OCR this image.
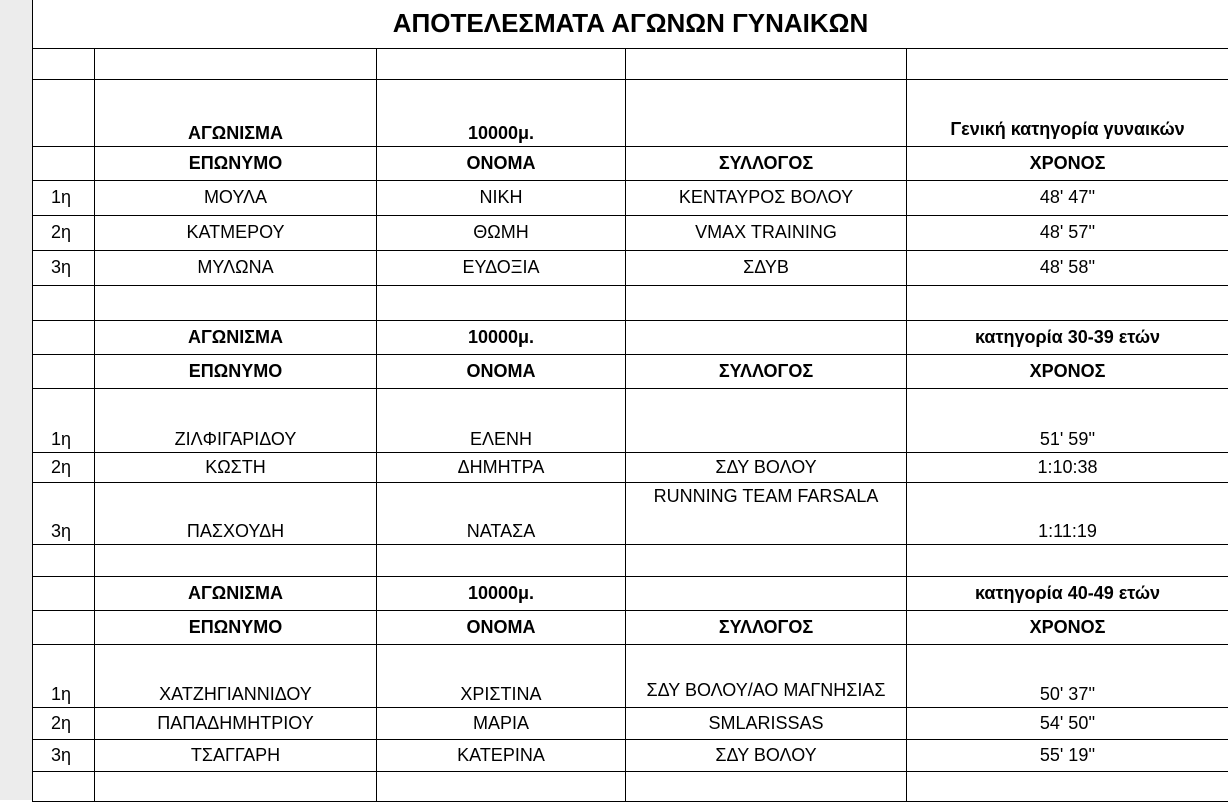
ΑΠΟΤΕΛΕΣΜΑΤΑ ΑΓΩΝΩΝ ΓΥΝΑΙΚΩΝ				

	ΑΓΩΝΙΣΜΑ	10000μ.		Γενική κατηγορία γυναικών
	ΕΠΩΝΥΜΟ	ΟΝΟΜΑ	ΣΥΛΛΟΓΟΣ	ΧΡΟΝΟΣ
1η	ΜΟΥΛΑ	ΝΙΚΗ	ΚΕΝΤΑΥΡΟΣ ΒΟΛΟΥ	48' 47''
2η	ΚΑΤΜΕΡΟΥ	ΘΩΜΗ	VMAX TRAINING	48' 57''
3η	ΜΥΛΩΝΑ	ΕΥΔΟΞΙΑ	ΣΔΥΒ	48' 58''

	ΑΓΩΝΙΣΜΑ	10000μ.		κατηγορία 30-39 ετών
	ΕΠΩΝΥΜΟ	ΟΝΟΜΑ	ΣΥΛΛΟΓΟΣ	ΧΡΟΝΟΣ
1η	ΖΙΛΦΙΓΑΡΙΔΟΥ	ΕΛΕΝΗ		51' 59''
2η	ΚΩΣΤΗ	ΔΗΜΗΤΡΑ	ΣΔΥ ΒΟΛΟΥ	1:10:38
3η	ΠΑΣΧΟΥΔΗ	ΝΑΤΑΣΑ	RUNNING TEAM FARSALA	1:11:19

	ΑΓΩΝΙΣΜΑ	10000μ.		κατηγορία 40-49 ετών
	ΕΠΩΝΥΜΟ	ΟΝΟΜΑ	ΣΥΛΛΟΓΟΣ	ΧΡΟΝΟΣ
1η	ΧΑΤΖΗΓΙΑΝΝΙΔΟΥ	ΧΡΙΣΤΙΝΑ	ΣΔΥ ΒΟΛΟΥ/ΑΟ ΜΑΓΝΗΣΙΑΣ	50' 37''
2η	ΠΑΠΑΔΗΜΗΤΡΙΟΥ	ΜΑΡΙΑ	SMLARISSAS	54' 50''
3η	ΤΣΑΓΓΑΡΗ	ΚΑΤΕΡΙΝΑ	ΣΔΥ ΒΟΛΟΥ	55' 19''
